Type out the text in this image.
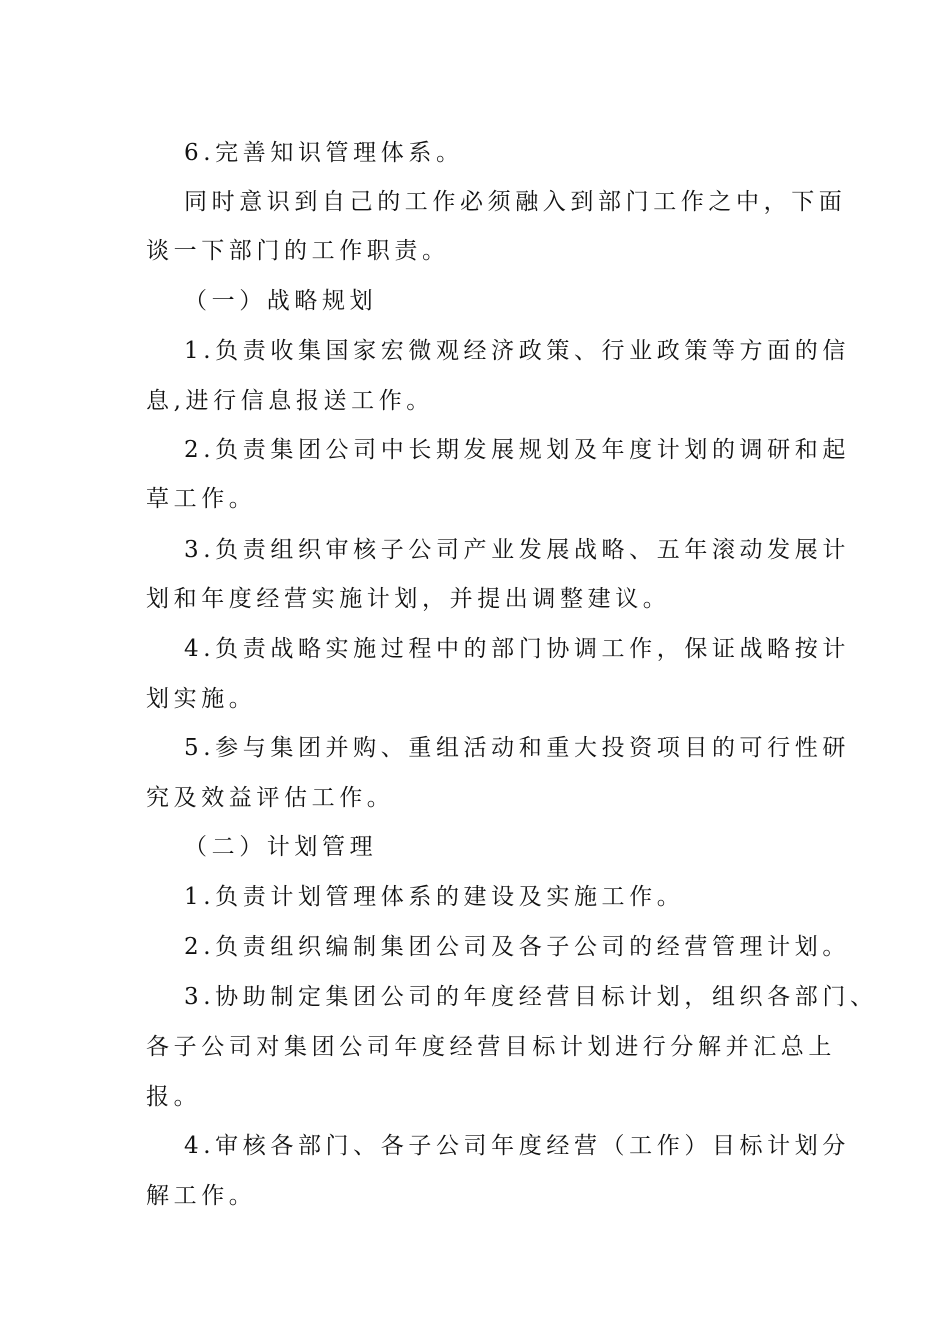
6.完善知识管理体系。

同时意识到自己的工作必须融入到部门工作之中，下面

谈一下部门的工作职责。

（一）战略规划

1.负责收集国家宏微观经济政策、行业政策等方面的信

息,进行信息报送工作。

2.负责集团公司中长期发展规划及年度计划的调研和起

草工作。

3.负责组织审核子公司产业发展战略、五年滚动发展计

划和年度经营实施计划，并提出调整建议。

4.负责战略实施过程中的部门协调工作，保证战略按计

划实施。

5.参与集团并购、重组活动和重大投资项目的可行性研

究及效益评估工作。

（二）计划管理

1.负责计划管理体系的建设及实施工作。

2.负责组织编制集团公司及各子公司的经营管理计划。

3.协助制定集团公司的年度经营目标计划，组织各部门、

各子公司对集团公司年度经营目标计划进行分解并汇总上

报。

4.审核各部门、各子公司年度经营（工作）目标计划分

解工作。
